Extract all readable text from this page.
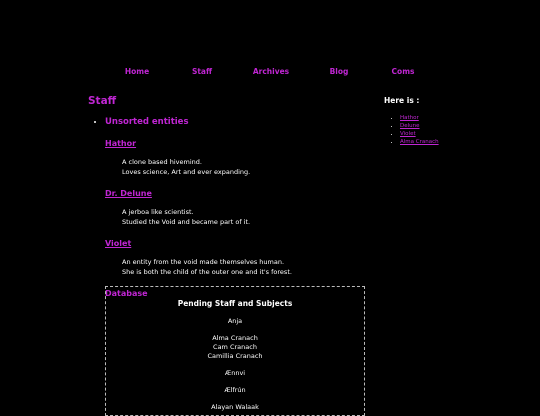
Home	Staff	Archives	Blog	Coms
Staff
• Unsorted entities
Hathor
A clone based hivemind.
Loves science, Art and ever expanding.
Dr. Delune
A jerboa like scientist.
Studied the Void and became part of it.
Violet
An entity from the void made themselves human.
She is both the child of the outer one and it's forest.
Database
Pending Staff and Subjects
Anja
Alma Cranach
Cam Cranach
Camillia Cranach
Ænnvi
Ælfrún
Alayan Walaak
Here is :
• Hathor
• Delune
• Violet
• Alma Cranach
